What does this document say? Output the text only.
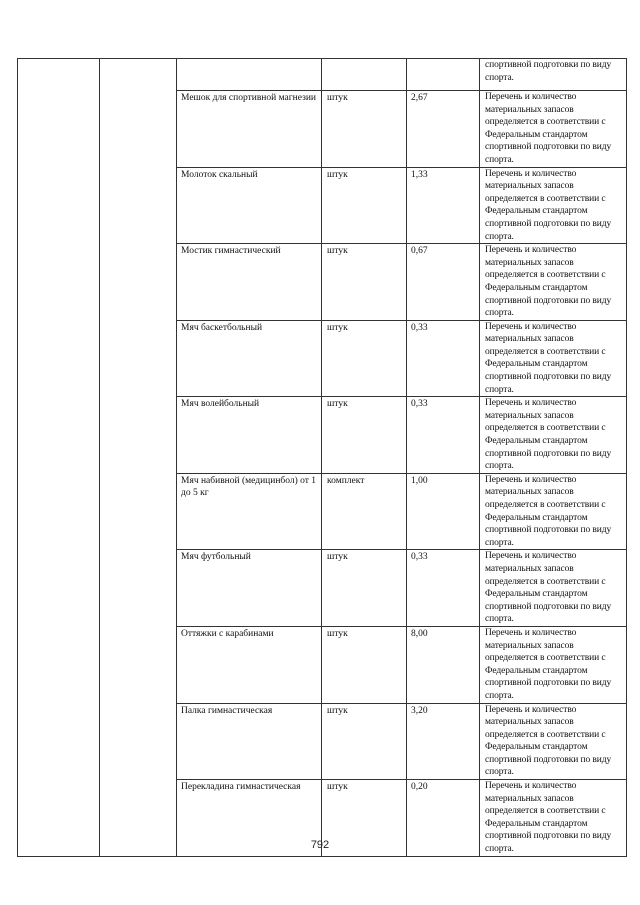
					спортивной подготовки по виду спорта.
		Мешок для спортивной магнезии	штук	2,67	Перечень и количество материальных запасов определяется в соответствии с Федеральным стандартом спортивной подготовки по виду спорта.
		Молоток скальный	штук	1,33	Перечень и количество материальных запасов определяется в соответствии с Федеральным стандартом спортивной подготовки по виду спорта.
		Мостик гимнастический	штук	0,67	Перечень и количество материальных запасов определяется в соответствии с Федеральным стандартом спортивной подготовки по виду спорта.
		Мяч баскетбольный	штук	0,33	Перечень и количество материальных запасов определяется в соответствии с Федеральным стандартом спортивной подготовки по виду спорта.
		Мяч волейбольный	штук	0,33	Перечень и количество материальных запасов определяется в соответствии с Федеральным стандартом спортивной подготовки по виду спорта.
		Мяч набивной (медицинбол) от 1 до 5 кг	комплект	1,00	Перечень и количество материальных запасов определяется в соответствии с Федеральным стандартом спортивной подготовки по виду спорта.
		Мяч футбольный	штук	0,33	Перечень и количество материальных запасов определяется в соответствии с Федеральным стандартом спортивной подготовки по виду спорта.
		Оттяжки с карабинами	штук	8,00	Перечень и количество материальных запасов определяется в соответствии с Федеральным стандартом спортивной подготовки по виду спорта.
		Палка гимнастическая	штук	3,20	Перечень и количество материальных запасов определяется в соответствии с Федеральным стандартом спортивной подготовки по виду спорта.
		Перекладина гимнастическая	штук	0,20	Перечень и количество материальных запасов определяется в соответствии с Федеральным стандартом спортивной подготовки по виду спорта.
792
